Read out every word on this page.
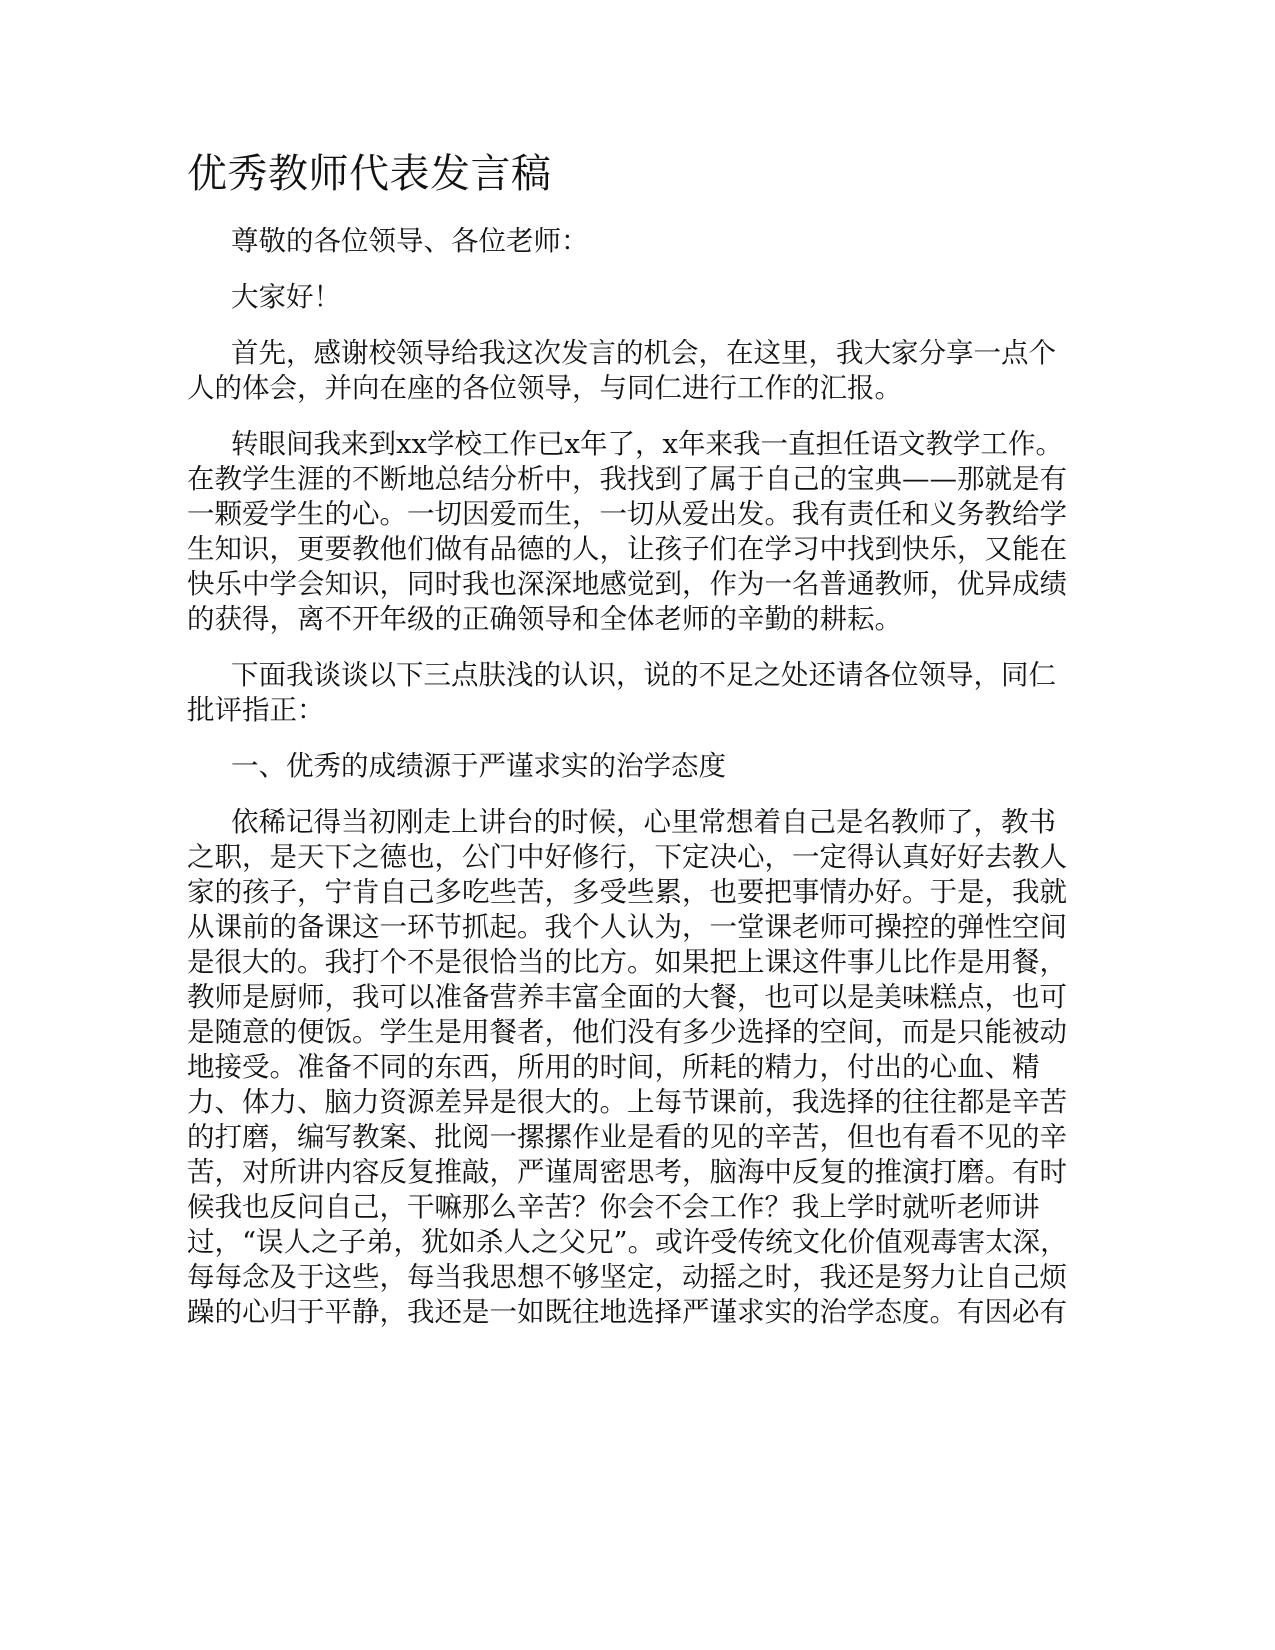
优秀教师代表发言稿

尊敬的各位领导、各位老师：

大家好！

首先，感谢校领导给我这次发言的机会，在这里，我大家分享一点个人的体会，并向在座的各位领导，与同仁进行工作的汇报。

转眼间我来到xx学校工作已x年了，x年来我一直担任语文教学工作。在教学生涯的不断地总结分析中，我找到了属于自己的宝典——那就是有一颗爱学生的心。一切因爱而生，一切从爱出发。我有责任和义务教给学生知识，更要教他们做有品德的人，让孩子们在学习中找到快乐，又能在快乐中学会知识，同时我也深深地感觉到，作为一名普通教师，优异成绩的获得，离不开年级的正确领导和全体老师的辛勤的耕耘。

下面我谈谈以下三点肤浅的认识，说的不足之处还请各位领导，同仁批评指正：

一、优秀的成绩源于严谨求实的治学态度

依稀记得当初刚走上讲台的时候，心里常想着自己是名教师了，教书之职，是天下之德也，公门中好修行，下定决心，一定得认真好好去教人家的孩子，宁肯自己多吃些苦，多受些累，也要把事情办好。于是，我就从课前的备课这一环节抓起。我个人认为，一堂课老师可操控的弹性空间是很大的。我打个不是很恰当的比方。如果把上课这件事儿比作是用餐，教师是厨师，我可以准备营养丰富全面的大餐，也可以是美味糕点，也可是随意的便饭。学生是用餐者，他们没有多少选择的空间，而是只能被动地接受。准备不同的东西，所用的时间，所耗的精力，付出的心血、精力、体力、脑力资源差异是很大的。上每节课前，我选择的往往都是辛苦的打磨，编写教案、批阅一摞摞作业是看的见的辛苦，但也有看不见的辛苦，对所讲内容反复推敲，严谨周密思考，脑海中反复的推演打磨。有时候我也反问自己，干嘛那么辛苦？你会不会工作？我上学时就听老师讲过，“误人之子弟，犹如杀人之父兄”。或许受传统文化价值观毒害太深，每每念及于这些，每当我思想不够坚定，动摇之时，我还是努力让自己烦躁的心归于平静，我还是一如既往地选择严谨求实的治学态度。有因必有
